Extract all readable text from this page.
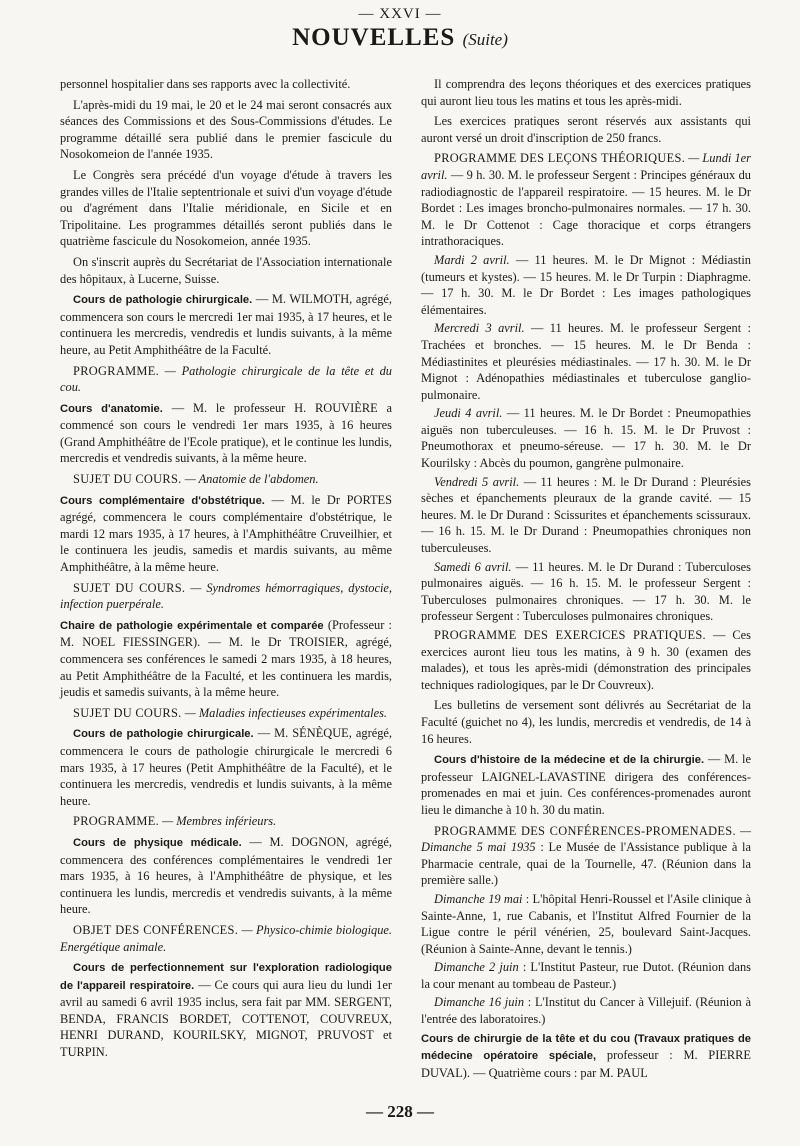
— XXVI —
NOUVELLES (Suite)

personnel hospitalier dans ses rapports avec la collectivité.

L'après-midi du 19 mai, le 20 et le 24 mai seront consacrés aux séances des Commissions et des Sous-Commissions d'études. Le programme détaillé sera publié dans le premier fascicule du Nosokomeion de l'année 1935.

Le Congrès sera précédé d'un voyage d'étude à travers les grandes villes de l'Italie septentrionale et suivi d'un voyage d'étude ou d'agrément dans l'Italie méridionale, en Sicile et en Tripolitaine. Les programmes détaillés seront publiés dans le quatrième fascicule du Nosokomeion, année 1935.

On s'inscrit auprès du Secrétariat de l'Association internationale des hôpitaux, à Lucerne, Suisse.

Cours de pathologie chirurgicale. — M. WILMOTH, agrégé, commencera son cours le mercredi 1er mai 1935, à 17 heures, et le continuera les mercredis, vendredis et lundis suivants, à la même heure, au Petit Amphithéâtre de la Faculté.

PROGRAMME. — Pathologie chirurgicale de la tête et du cou.

Cours d'anatomie. — M. le professeur H. ROUVIÈRE a commencé son cours le vendredi 1er mars 1935, à 16 heures (Grand Amphithéâtre de l'Ecole pratique), et le continue les lundis, mercredis et vendredis suivants, à la même heure.

SUJET DU COURS. — Anatomie de l'abdomen.

Cours complémentaire d'obstétrique. — M. le Dr PORTES agrégé, commencera le cours complémentaire d'obstétrique, le mardi 12 mars 1935, à 17 heures, à l'Amphithéâtre Cruveilhier, et le continuera les jeudis, samedis et mardis suivants, au même Amphithéâtre, à la même heure.

SUJET DU COURS. — Syndromes hémorragiques, dystocie, infection puerpérale.

Chaire de pathologie expérimentale et comparée (Professeur : M. NOEL FIESSINGER). — M. le Dr TROISIER, agrégé, commencera ses conférences le samedi 2 mars 1935, à 18 heures, au Petit Amphithéâtre de la Faculté, et les continuera les mardis, jeudis et samedis suivants, à la même heure.

SUJET DU COURS. — Maladies infectieuses expérimentales.

Cours de pathologie chirurgicale. — M. SÉNÈQUE, agrégé, commencera le cours de pathologie chirurgicale le mercredi 6 mars 1935, à 17 heures (Petit Amphithéâtre de la Faculté), et le continuera les mercredis, vendredis et lundis suivants, à la même heure.

PROGRAMME. — Membres inférieurs.

Cours de physique médicale. — M. DOGNON, agrégé, commencera des conférences complémentaires le vendredi 1er mars 1935, à 16 heures, à l'Amphithéâtre de physique, et les continuera les lundis, mercredis et vendredis suivants, à la même heure.

OBJET DES CONFÉRENCES. — Physico-chimie biologique. Energétique animale.

Cours de perfectionnement sur l'exploration radiologique de l'appareil respiratoire. — Ce cours qui aura lieu du lundi 1er avril au samedi 6 avril 1935 inclus, sera fait par MM. SERGENT, BENDA, FRANCIS BORDET, COTTENOT, COUVREUX, HENRI DURAND, KOURILSKY, MIGNOT, PRUVOST et TURPIN.

Il comprendra des leçons théoriques et des exercices pratiques qui auront lieu tous les matins et tous les après-midi.

Les exercices pratiques seront réservés aux assistants qui auront versé un droit d'inscription de 250 francs.

PROGRAMME DES LEÇONS THÉORIQUES. — Lundi 1er avril. — 9 h. 30. M. le professeur Sergent : Principes généraux du radiodiagnostic de l'appareil respiratoire. — 15 heures. M. le Dr Bordet : Les images broncho-pulmonaires normales. — 17 h. 30. M. le Dr Cottenot : Cage thoracique et corps étrangers intrathoraciques.

Mardi 2 avril. — 11 heures. M. le Dr Mignot : Médiastin (tumeurs et kystes). — 15 heures. M. le Dr Turpin : Diaphragme. — 17 h. 30. M. le Dr Bordet : Les images pathologiques élémentaires.

Mercredi 3 avril. — 11 heures. M. le professeur Sergent : Trachées et bronches. — 15 heures. M. le Dr Benda : Médiastinites et pleurésies médiastinales. — 17 h. 30. M. le Dr Mignot : Adénopathies médiastinales et tuberculose ganglio-pulmonaire.

Jeudi 4 avril. — 11 heures. M. le Dr Bordet : Pneumopathies aiguës non tuberculeuses. — 16 h. 15. M. le Dr Pruvost : Pneumothorax et pneumo-séreuse. — 17 h. 30. M. le Dr Kourilsky : Abcès du poumon, gangrène pulmonaire.

Vendredi 5 avril. — 11 heures : M. le Dr Durand : Pleurésies sèches et épanchements pleuraux de la grande cavité. — 15 heures. M. le Dr Durand : Scissurites et épanchements scissuraux. — 16 h. 15. M. le Dr Durand : Pneumopathies chroniques non tuberculeuses.

Samedi 6 avril. — 11 heures. M. le Dr Durand : Tuberculoses pulmonaires aiguës. — 16 h. 15. M. le professeur Sergent : Tuberculoses pulmonaires chroniques. — 17 h. 30. M. le professeur Sergent : Tuberculoses pulmonaires chroniques.

PROGRAMME DES EXERCICES PRATIQUES. — Ces exercices auront lieu tous les matins, à 9 h. 30 (examen des malades), et tous les après-midi (démonstration des principales techniques radiologiques, par le Dr Couvreux).

Les bulletins de versement sont délivrés au Secrétariat de la Faculté (guichet no 4), les lundis, mercredis et vendredis, de 14 à 16 heures.

Cours d'histoire de la médecine et de la chirurgie. — M. le professeur LAIGNEL-LAVASTINE dirigera des conférences-promenades en mai et juin. Ces conférences-promenades auront lieu le dimanche à 10 h. 30 du matin.

PROGRAMME DES CONFÉRENCES-PROMENADES. — Dimanche 5 mai 1935 : Le Musée de l'Assistance publique à la Pharmacie centrale, quai de la Tournelle, 47. (Réunion dans la première salle.)

Dimanche 19 mai : L'hôpital Henri-Roussel et l'Asile clinique à Sainte-Anne, 1, rue Cabanis, et l'Institut Alfred Fournier de la Ligue contre le péril vénérien, 25, boulevard Saint-Jacques. (Réunion à Sainte-Anne, devant le tennis.)

Dimanche 2 juin : L'Institut Pasteur, rue Dutot. (Réunion dans la cour menant au tombeau de Pasteur.)

Dimanche 16 juin : L'Institut du Cancer à Villejuif. (Réunion à l'entrée des laboratoires.)

Cours de chirurgie de la tête et du cou (Travaux pratiques de médecine opératoire spéciale, professeur : M. PIERRE DUVAL). — Quatrième cours : par M. PAUL

— 228 —
